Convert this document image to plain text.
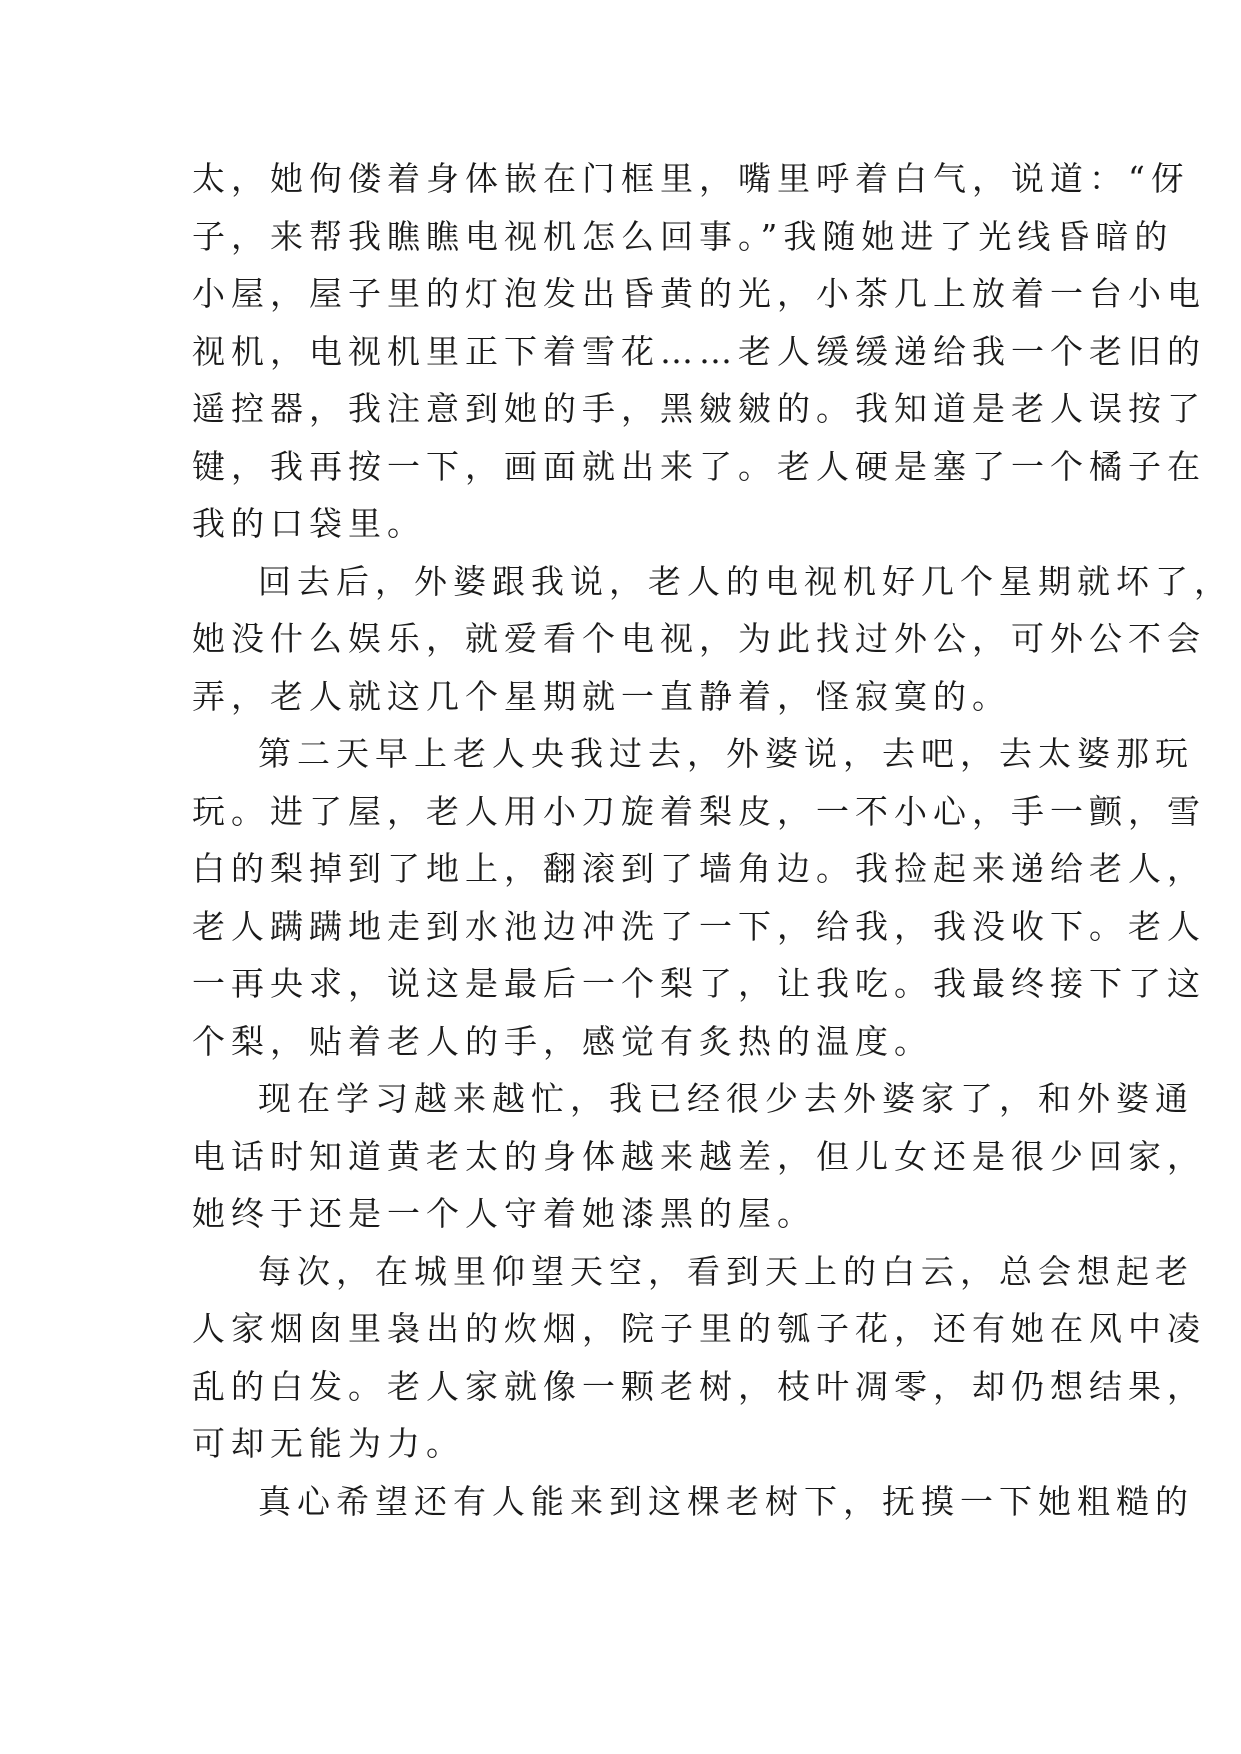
太，她佝偻着身体嵌在门框里，嘴里呼着白气，说道：“伢
子，来帮我瞧瞧电视机怎么回事。”我随她进了光线昏暗的
小屋，屋子里的灯泡发出昏黄的光，小茶几上放着一台小电
视机，电视机里正下着雪花……老人缓缓递给我一个老旧的
遥控器，我注意到她的手，黑皴皴的。我知道是老人误按了
键，我再按一下，画面就出来了。老人硬是塞了一个橘子在
我的口袋里。
回去后，外婆跟我说，老人的电视机好几个星期就坏了，
她没什么娱乐，就爱看个电视，为此找过外公，可外公不会
弄，老人就这几个星期就一直静着，怪寂寞的。
第二天早上老人央我过去，外婆说，去吧，去太婆那玩
玩。进了屋，老人用小刀旋着梨皮，一不小心，手一颤，雪
白的梨掉到了地上，翻滚到了墙角边。我捡起来递给老人，
老人蹒蹒地走到水池边冲洗了一下，给我，我没收下。老人
一再央求，说这是最后一个梨了，让我吃。我最终接下了这
个梨，贴着老人的手，感觉有炙热的温度。
现在学习越来越忙，我已经很少去外婆家了，和外婆通
电话时知道黄老太的身体越来越差，但儿女还是很少回家，
她终于还是一个人守着她漆黑的屋。
每次，在城里仰望天空，看到天上的白云，总会想起老
人家烟囱里袅出的炊烟，院子里的瓠子花，还有她在风中凌
乱的白发。老人家就像一颗老树，枝叶凋零，却仍想结果，
可却无能为力。
真心希望还有人能来到这棵老树下，抚摸一下她粗糙的
